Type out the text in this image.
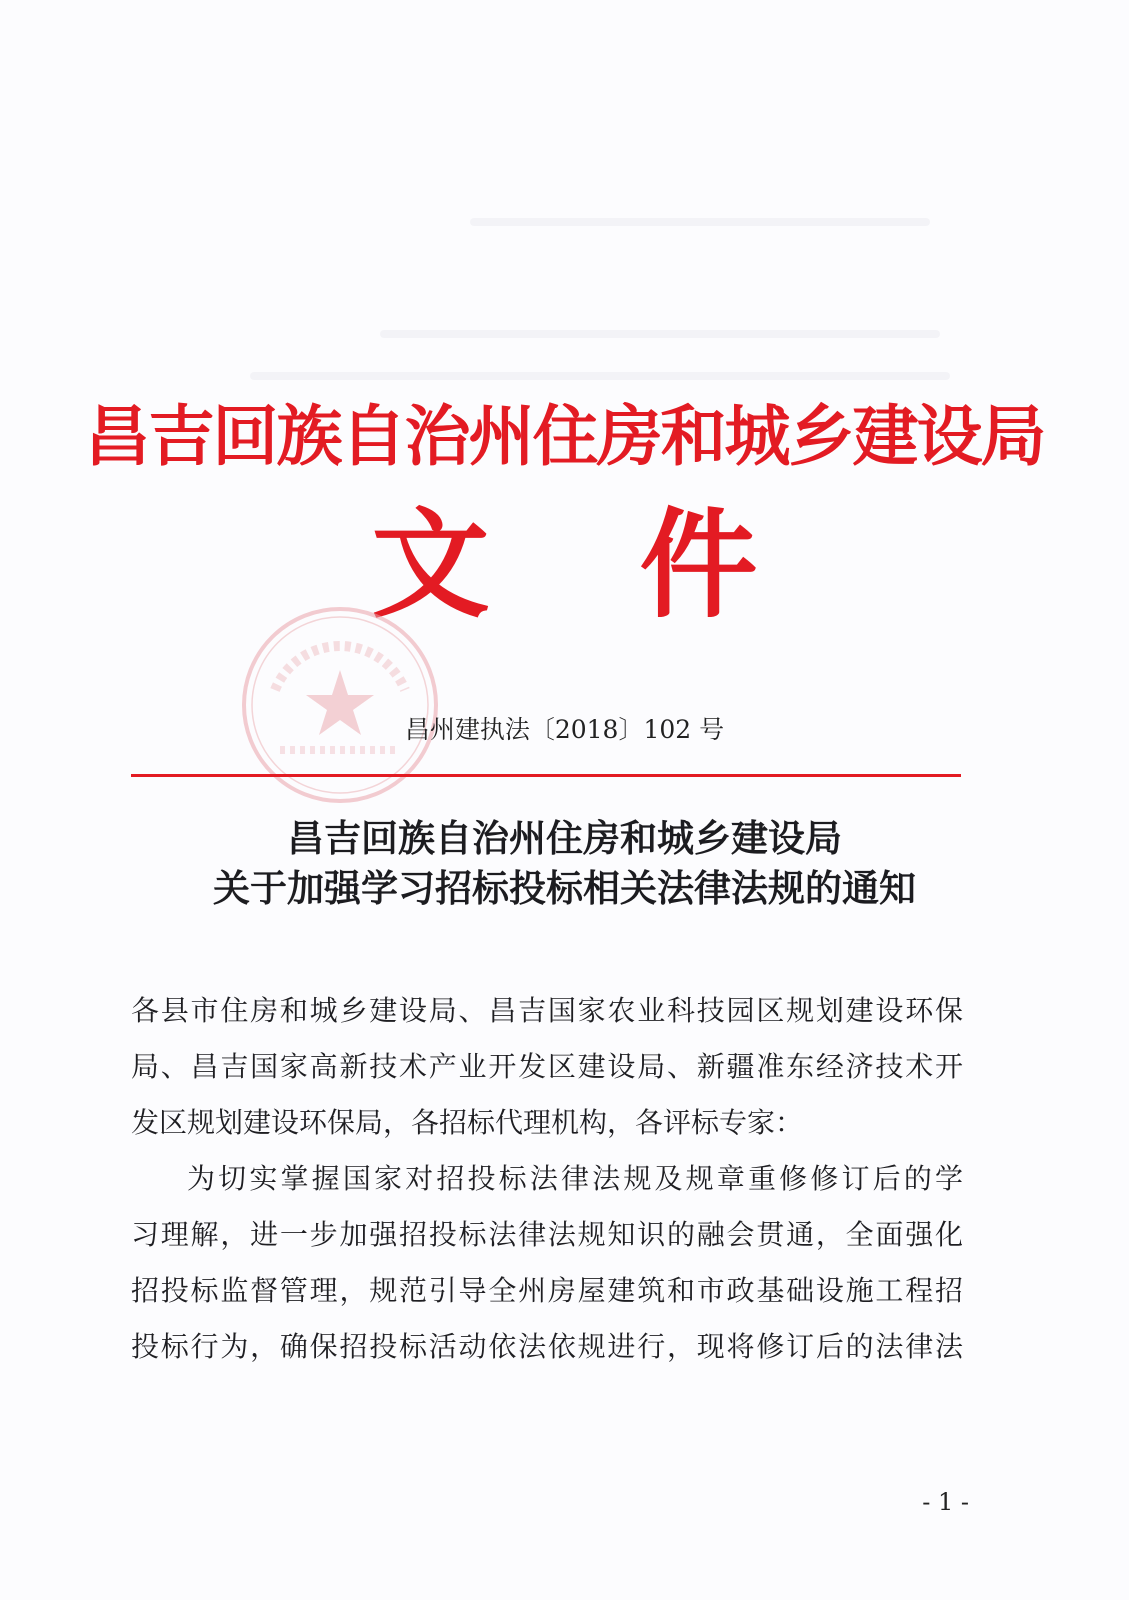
昌吉回族自治州住房和城乡建设局
文件
昌州建执法〔2018〕102 号
昌吉回族自治州住房和城乡建设局
关于加强学习招标投标相关法律法规的通知
各县市住房和城乡建设局、昌吉国家农业科技园区规划建设环保
局、昌吉国家高新技术产业开发区建设局、新疆准东经济技术开
发区规划建设环保局，各招标代理机构，各评标专家：
为切实掌握国家对招投标法律法规及规章重修修订后的学
习理解，进一步加强招投标法律法规知识的融会贯通，全面强化
招投标监督管理，规范引导全州房屋建筑和市政基础设施工程招
投标行为，确保招投标活动依法依规进行，现将修订后的法律法
- 1 -
